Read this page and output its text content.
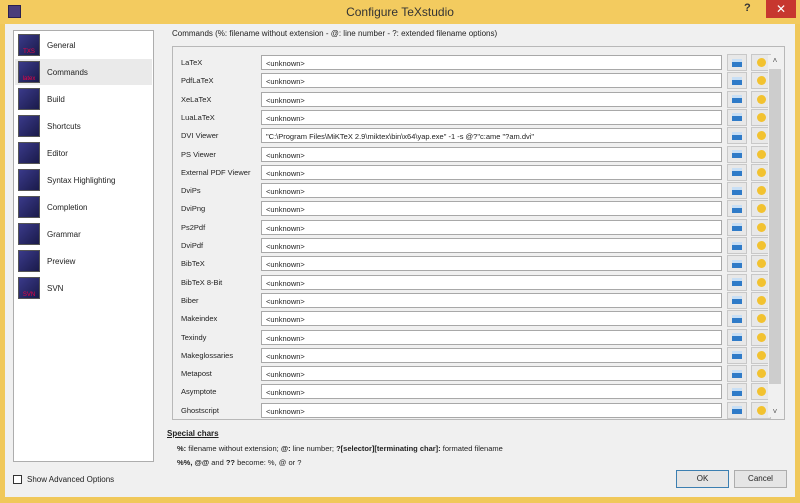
Configure TeXstudio	?	✕
TXS
General
latex
Commands
Build
Shortcuts
Editor
Syntax Highlighting
Completion
Grammar
Preview
SVN
SVN
Commands (%: filename without extension - @: line number - ?: extended filename options)
LaTeX	<unknown>
PdfLaTeX	<unknown>
XeLaTeX	<unknown>
LuaLaTeX	<unknown>
DVI Viewer	"C:\Program Files\MiKTeX 2.9\miktex\bin\x64\yap.exe" -1 -s @?"c:ame "?am.dvi"
PS Viewer	<unknown>
External PDF Viewer	<unknown>
DviPs	<unknown>
DviPng	<unknown>
Ps2Pdf	<unknown>
DviPdf	<unknown>
BibTeX	<unknown>
BibTeX 8-Bit	<unknown>
Biber	<unknown>
Makeindex	<unknown>
Texindy	<unknown>
Makeglossaries	<unknown>
Metapost	<unknown>
Asymptote	<unknown>
Ghostscript	<unknown>
˄
˅
Special chars
%: filename without extension; @: line number; ?[selector][terminating char]: formated filename
%%, @@ and ?? become: %, @ or ?
Show Advanced Options	OK	Cancel
